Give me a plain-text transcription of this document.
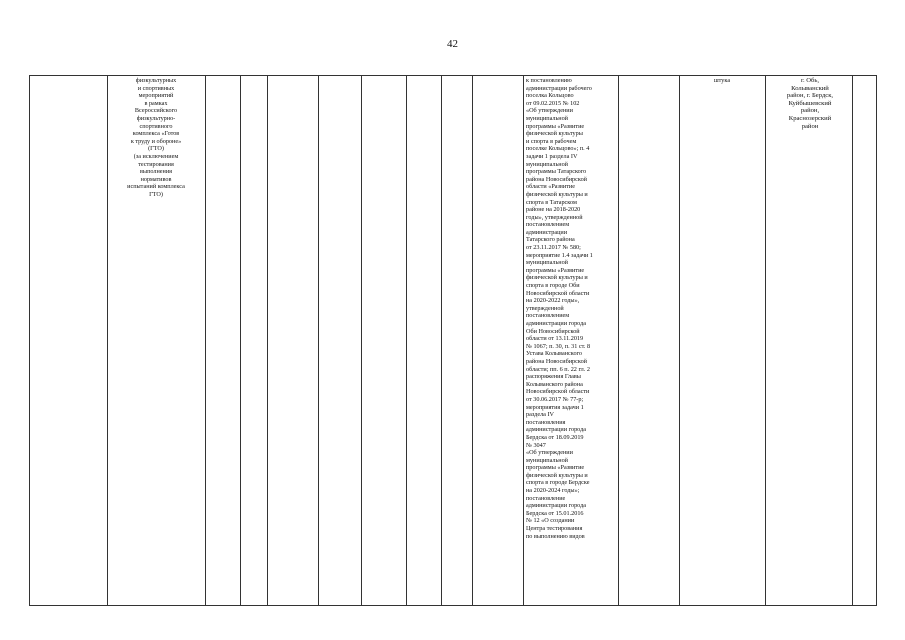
42

физкультурных
и спортивных
мероприятий
в рамках
Всероссийского
физкультурно-
спортивного
комплекса «Готов
к труду и обороне»
(ГТО)
(за исключением
тестирования
выполнения
нормативов
испытаний комплекса
ГТО)

к постановлению
администрации рабочего
поселка Кольцово
от 09.02.2015 № 102
«Об утверждении
муниципальной
программы «Развитие
физической культуры
и спорта в рабочем
поселке Кольцово»; п. 4
задачи 1 раздела IV
муниципальной
программы Татарского
района Новосибирской
области «Развитие
физической культуры и
спорта в Татарском
районе на 2018-2020
годы», утвержденной
постановлением
администрации
Татарского района
от 23.11.2017 № 580;
мероприятие 1.4 задачи 1
муниципальной
программы «Развитие
физической культуры и
спорта в городе Оби
Новосибирской области
на 2020-2022 годы»,
утвержденной
постановлением
администрации города
Оби Новосибирской
области от 13.11.2019
№ 1067; п. 30, п. 31 ст. 8
Устава Колыванского
района Новосибирской
области; пп. 6 п. 22 гл. 2
распоряжения Главы
Колыванского района
Новосибирской области
от 30.06.2017 № 77-р;
мероприятия задачи 1
раздела IV
постановления
администрации города
Бердска от 18.09.2019
№ 3047
«Об утверждении
муниципальной
программы «Развитие
физической культуры и
спорта в городе Бердске
на 2020-2024 годы»;
постановление
администрации города
Бердска от 15.01.2016
№ 12 «О создании
Центра тестирования
по выполнению видов

штука	г. Обь,
Колыванский
район, г. Бердск,
Куйбышевский
район,
Краснозерский
район
